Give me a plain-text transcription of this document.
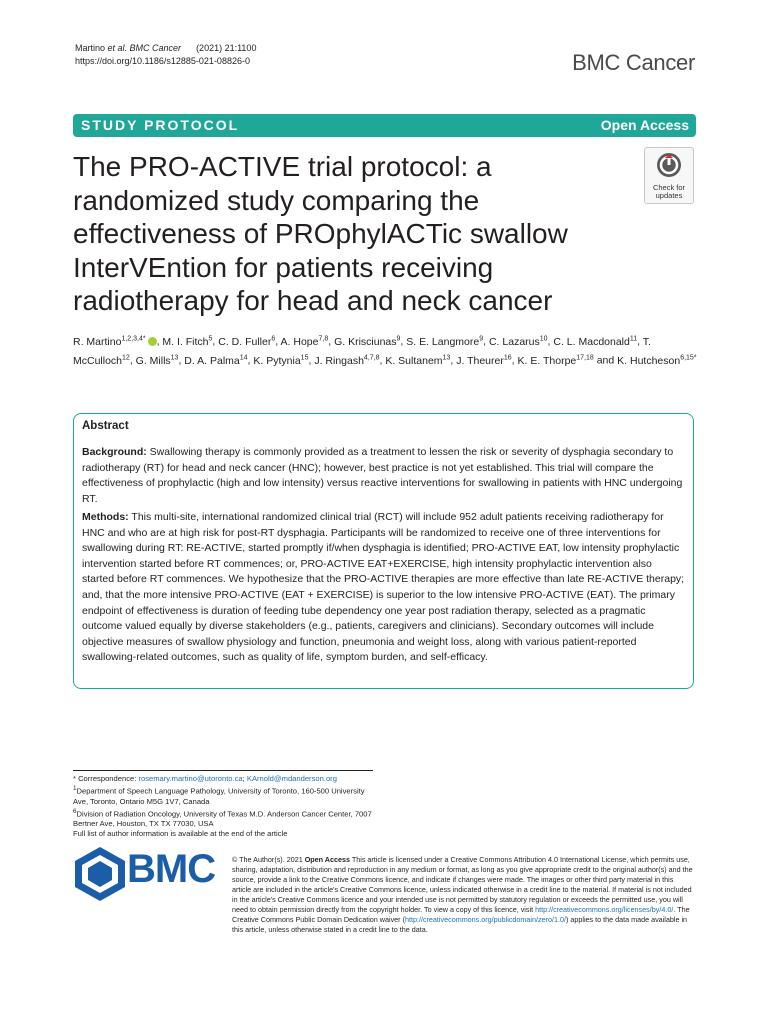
Martino et al. BMC Cancer (2021) 21:1100
https://doi.org/10.1186/s12885-021-08826-0	BMC Cancer
STUDY PROTOCOL	Open Access
Check for
updates
The PRO-ACTIVE trial protocol: a randomized study comparing the effectiveness of PROphylACTic swallow InterVEntion for patients receiving radiotherapy for head and neck cancer
R. Martino$^{1,2,3,4*}$ , M. I. Fitch$^5$, C. D. Fuller$^6$, A. Hope$^{7,8}$, G. Krisciunas$^9$, S. E. Langmore$^9$, C. Lazarus$^{10}$, C. L. Macdonald$^{11}$, T. McCulloch$^{12}$, G. Mills$^{13}$, D. A. Palma$^{14}$, K. Pytynia$^{15}$, J. Ringash$^{4,7,8}$, K. Sultanem$^{13}$, J. Theurer$^{16}$, K. E. Thorpe$^{17,18}$ and K. Hutcheson$^{6,15*}$
Abstract
Background: Swallowing therapy is commonly provided as a treatment to lessen the risk or severity of dysphagia secondary to radiotherapy (RT) for head and neck cancer (HNC); however, best practice is not yet established. This trial will compare the effectiveness of prophylactic (high and low intensity) versus reactive interventions for swallowing in patients with HNC undergoing RT.
Methods: This multi-site, international randomized clinical trial (RCT) will include 952 adult patients receiving radiotherapy for HNC and who are at high risk for post-RT dysphagia. Participants will be randomized to receive one of three interventions for swallowing during RT: RE-ACTIVE, started promptly if/when dysphagia is identified; PRO-ACTIVE EAT, low intensity prophylactic intervention started before RT commences; or, PRO-ACTIVE EAT+EXERCISE, high intensity prophylactic intervention also started before RT commences. We hypothesize that the PRO-ACTIVE therapies are more effective than late RE-ACTIVE therapy; and, that the more intensive PRO-ACTIVE (EAT + EXERCISE) is superior to the low intensive PRO-ACTIVE (EAT). The primary endpoint of effectiveness is duration of feeding tube dependency one year post radiation therapy, selected as a pragmatic outcome valued equally by diverse stakeholders (e.g., patients, caregivers and clinicians). Secondary outcomes will include objective measures of swallow physiology and function, pneumonia and weight loss, along with various patient-reported swallowing-related outcomes, such as quality of life, symptom burden, and self-efficacy.
* Correspondence: rosemary.martino@utoronto.ca; KArnold@mdanderson.org
$^1$Department of Speech Language Pathology, University of Toronto, 160-500 University Ave, Toronto, Ontario M5G 1V7, Canada
$^6$Division of Radiation Oncology, University of Texas M.D. Anderson Cancer Center, 7007 Bertner Ave, Houston, TX TX 77030, USA
Full list of author information is available at the end of the article
BMC © The Author(s). 2021 Open Access This article is licensed under a Creative Commons Attribution 4.0 International License, which permits use, sharing, adaptation, distribution and reproduction in any medium or format, as long as you give appropriate credit to the original author(s) and the source, provide a link to the Creative Commons licence, and indicate if changes were made. The images or other third party material in this article are included in the article's Creative Commons licence, unless indicated otherwise in a credit line to the material. If material is not included in the article's Creative Commons licence and your intended use is not permitted by statutory regulation or exceeds the permitted use, you will need to obtain permission directly from the copyright holder. To view a copy of this licence, visit http://creativecommons.org/licenses/by/4.0/. The Creative Commons Public Domain Dedication waiver (http://creativecommons.org/publicdomain/zero/1.0/) applies to the data made available in this article, unless otherwise stated in a credit line to the data.
